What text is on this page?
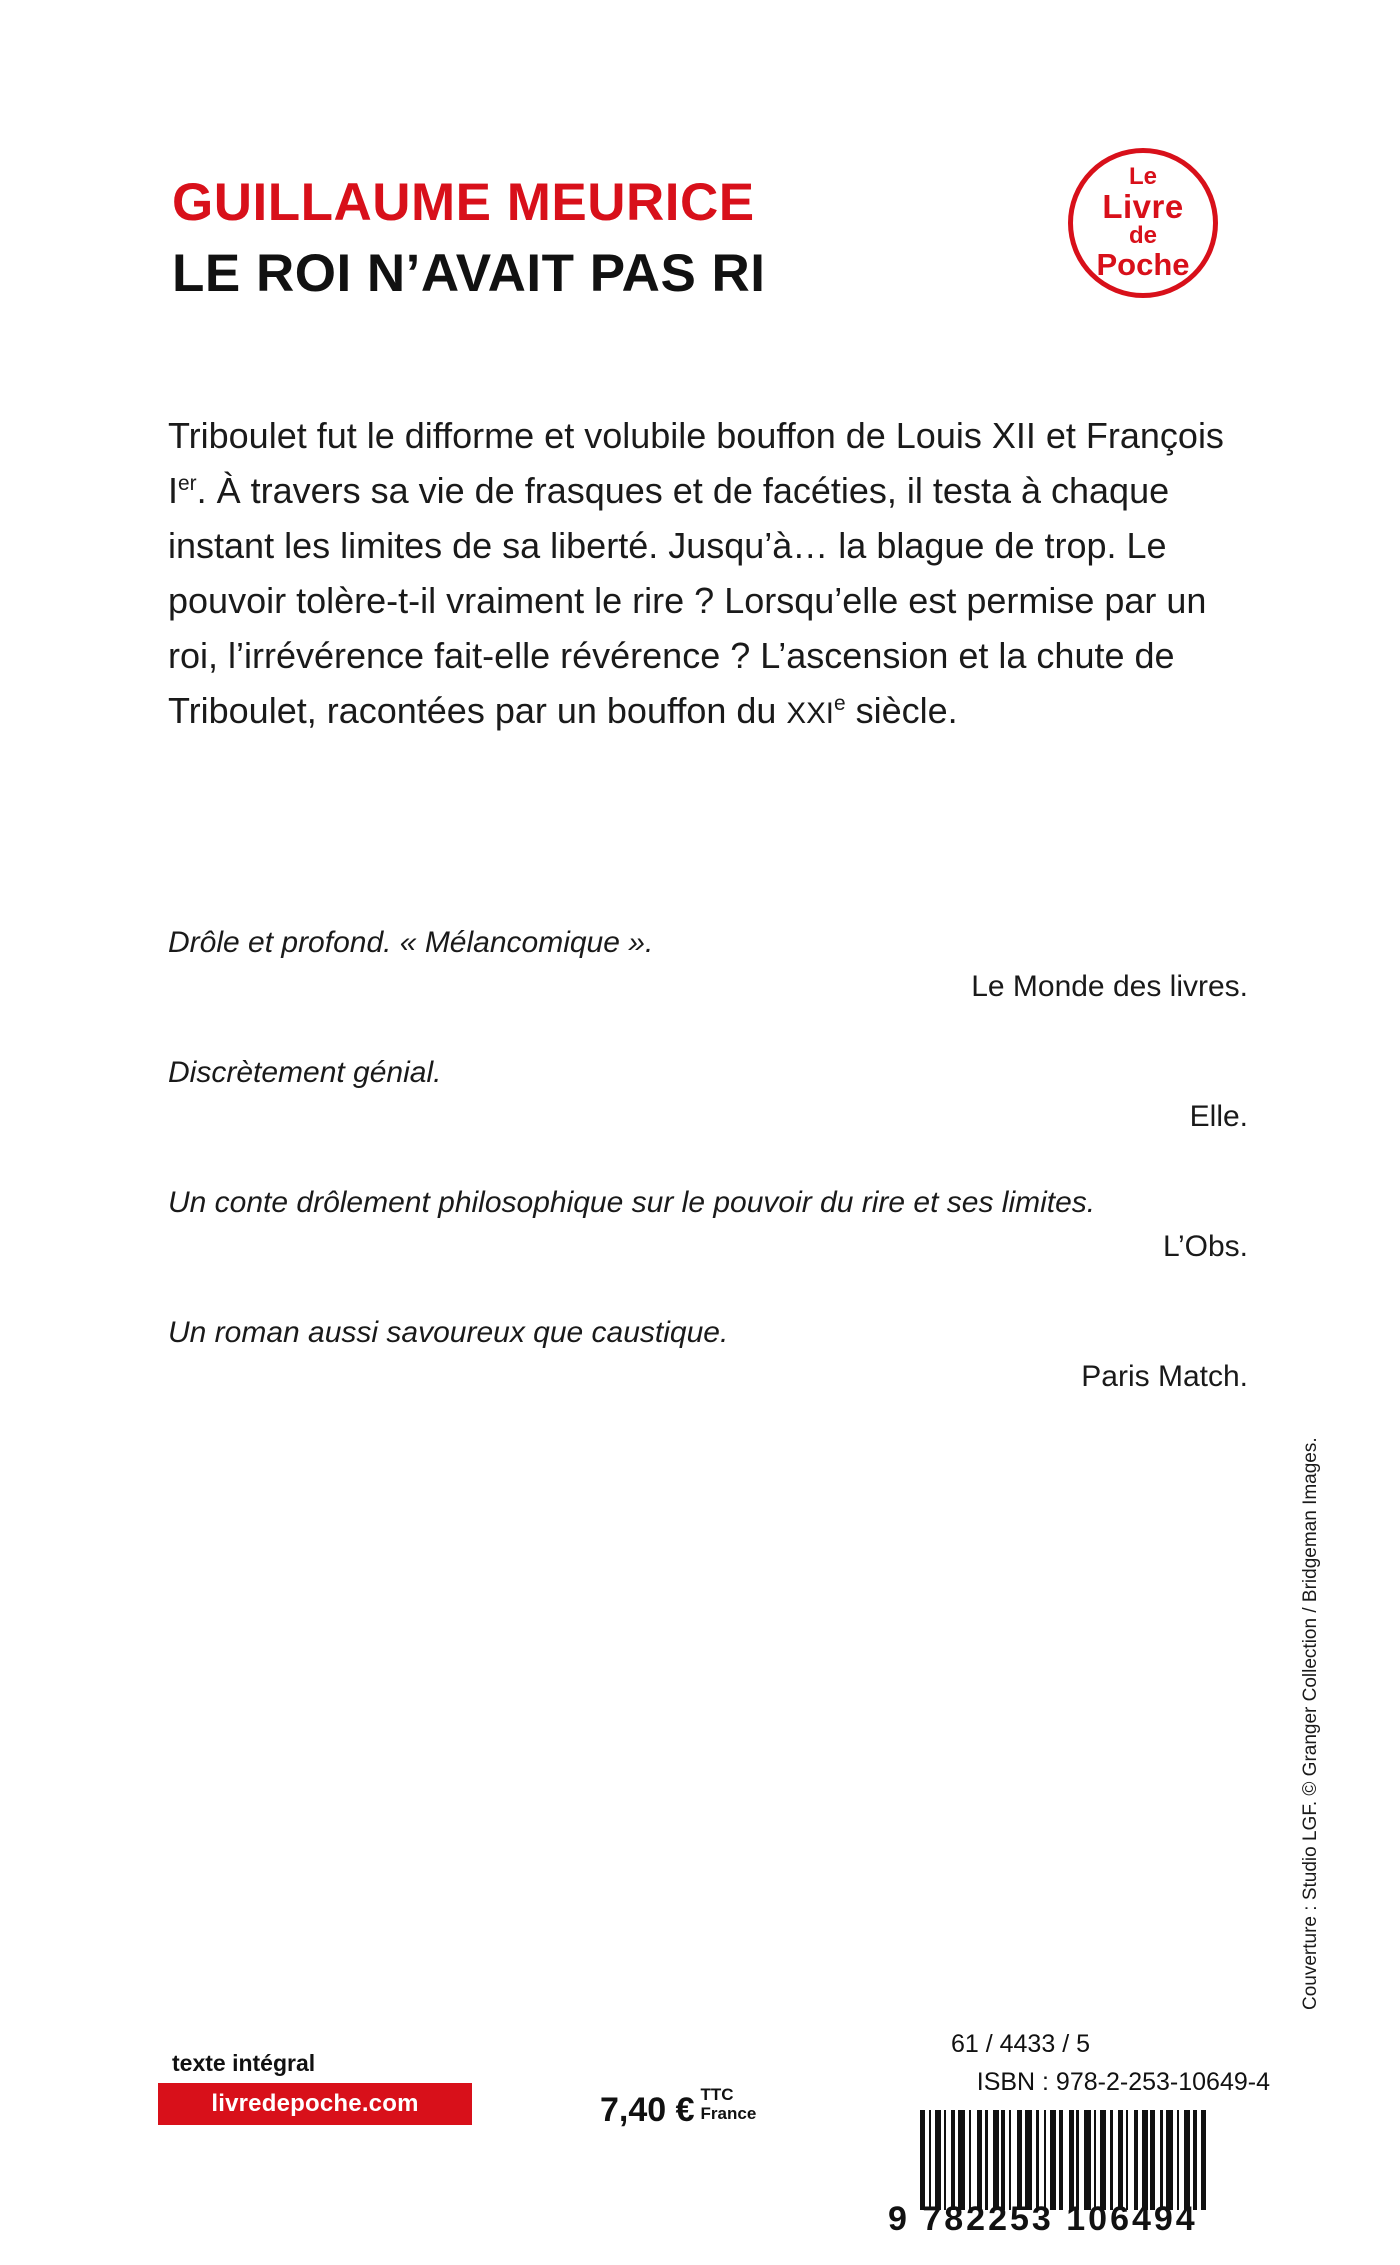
GUILLAUME MEURICE
LE ROI N’AVAIT PAS RI
Le
Livre
de
Poche
Triboulet fut le difforme et volubile bouffon de Louis XII et François Ier. À travers sa vie de frasques et de facéties, il testa à chaque instant les limites de sa liberté. Jusqu’à… la blague de trop. Le pouvoir tolère-t-il vraiment le rire ? Lorsqu’elle est permise par un roi, l’irrévérence fait-elle révérence ? L’ascension et la chute de Triboulet, racontées par un bouffon du XXIe siècle.
Drôle et profond. « Mélancomique ».
Le Monde des livres.
Discrètement génial.
Elle.
Un conte drôlement philosophique sur le pouvoir du rire et ses limites.
L’Obs.
Un roman aussi savoureux que caustique.
Paris Match.
Couverture : Studio LGF. © Granger Collection / Bridgeman Images.
texte intégral
livredepoche.com	7,40 € TTC
France
61 / 4433 / 5
ISBN : 978-2-253-10649-4
9 782253 106494
